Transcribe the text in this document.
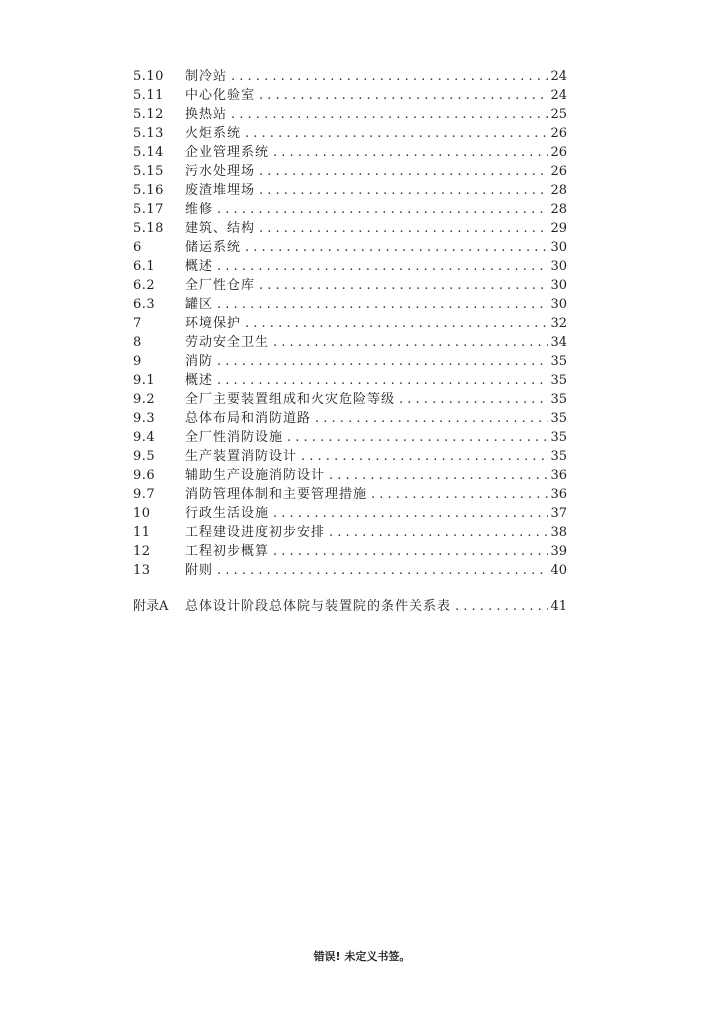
5.10	制冷站 . . .	24
5.11	中心化验室 . . .	24
5.12	换热站 . . .	25
5.13	火炬系统 . . .	26
5.14	企业管理系统 . . .	26
5.15	污水处理场 . . .	26
5.16	废渣堆埋场 . . .	28
5.17	维修 . . .	28
5.18	建筑、结构 . . .	29
6	储运系统 . . .	30
6.1	概述 . . .	30
6.2	全厂性仓库 . . .	30
6.3	罐区 . . .	30
7	环境保护 . . .	32
8	劳动安全卫生 . . .	34
9	消防 . . .	35
9.1	概述 . . .	35
9.2	全厂主要装置组成和火灾危险等级 . . .	35
9.3	总体布局和消防道路 . . .	35
9.4	全厂性消防设施 . . .	35
9.5	生产装置消防设计 . . .	35
9.6	辅助生产设施消防设计 . . .	36
9.7	消防管理体制和主要管理措施 . . .	36
10	行政生活设施 . . .	37
11	工程建设进度初步安排 . . .	38
12	工程初步概算 . . .	39
13	附则 . . .	40
附录A	总体设计阶段总体院与装置院的条件关系表 . . .	41
错误! 未定义书签。
